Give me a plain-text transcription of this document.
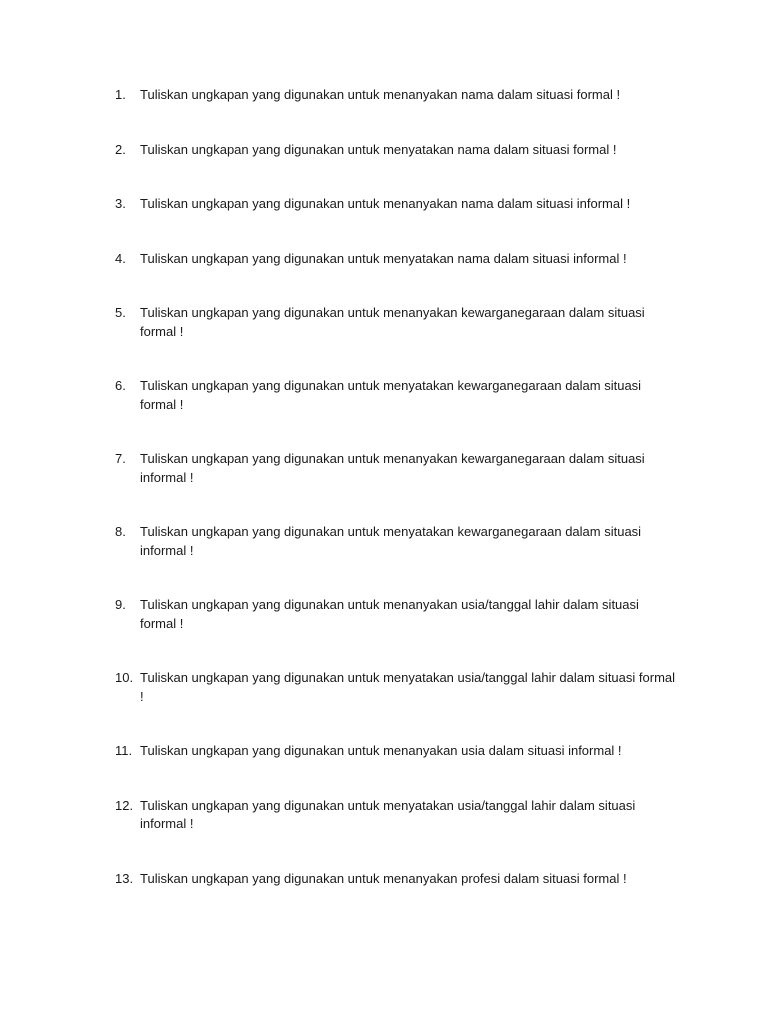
1.	Tuliskan ungkapan yang digunakan untuk menanyakan nama dalam situasi formal !
2.	Tuliskan ungkapan yang digunakan untuk menyatakan nama dalam situasi formal !
3.	Tuliskan ungkapan yang digunakan untuk menanyakan nama dalam situasi informal !
4.	Tuliskan ungkapan yang digunakan untuk menyatakan nama dalam situasi informal !
5.	Tuliskan ungkapan yang digunakan untuk menanyakan kewarganegaraan dalam situasi formal !
6.	Tuliskan ungkapan yang digunakan untuk menyatakan kewarganegaraan dalam situasi formal !
7.	Tuliskan ungkapan yang digunakan untuk menanyakan kewarganegaraan dalam situasi informal !
8.	Tuliskan ungkapan yang digunakan untuk menyatakan kewarganegaraan dalam situasi informal !
9.	Tuliskan ungkapan yang digunakan untuk menanyakan usia/tanggal lahir dalam situasi formal !
10. Tuliskan ungkapan yang digunakan untuk menyatakan usia/tanggal lahir dalam situasi formal !
11. Tuliskan ungkapan yang digunakan untuk menanyakan usia dalam situasi informal !
12. Tuliskan ungkapan yang digunakan untuk menyatakan usia/tanggal lahir dalam situasi informal !
13. Tuliskan ungkapan yang digunakan untuk menanyakan profesi dalam situasi formal !
